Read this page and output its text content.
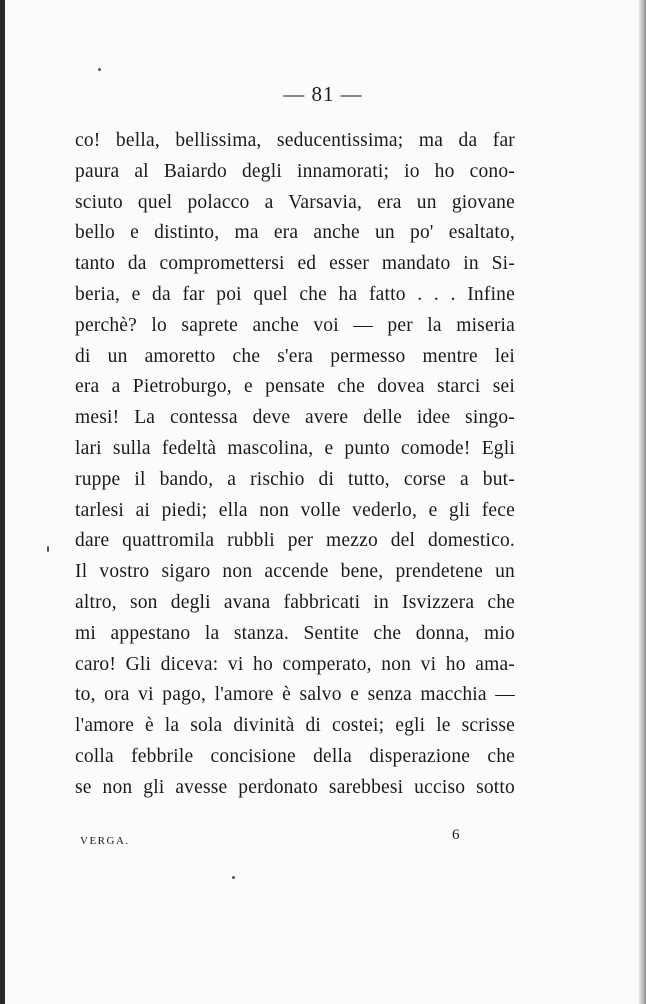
— 81 —
co! bella, bellissima, seducentissima; ma da far
paura al Baiardo degli innamorati; io ho cono-
sciuto quel polacco a Varsavia, era un giovane
bello e distinto, ma era anche un po' esaltato,
tanto da compromettersi ed esser mandato in Si-
beria, e da far poi quel che ha fatto . . . Infine
perchè? lo saprete anche voi — per la miseria
di un amoretto che s'era permesso mentre lei
era a Pietroburgo, e pensate che dovea starci sei
mesi! La contessa deve avere delle idee singo-
lari sulla fedeltà mascolina, e punto comode! Egli
ruppe il bando, a rischio di tutto, corse a but-
tarlesi ai piedi; ella non volle vederlo, e gli fece
dare quattromila rubbli per mezzo del domestico.
Il vostro sigaro non accende bene, prendetene un
altro, son degli avana fabbricati in Isvizzera che
mi appestano la stanza. Sentite che donna, mio
caro! Gli diceva: vi ho comperato, non vi ho ama-
to, ora vi pago, l'amore è salvo e senza macchia —
l'amore è la sola divinità di costei; egli le scrisse
colla febbrile concisione della disperazione che
se non gli avesse perdonato sarebbesi ucciso sotto
VERGA.	6
